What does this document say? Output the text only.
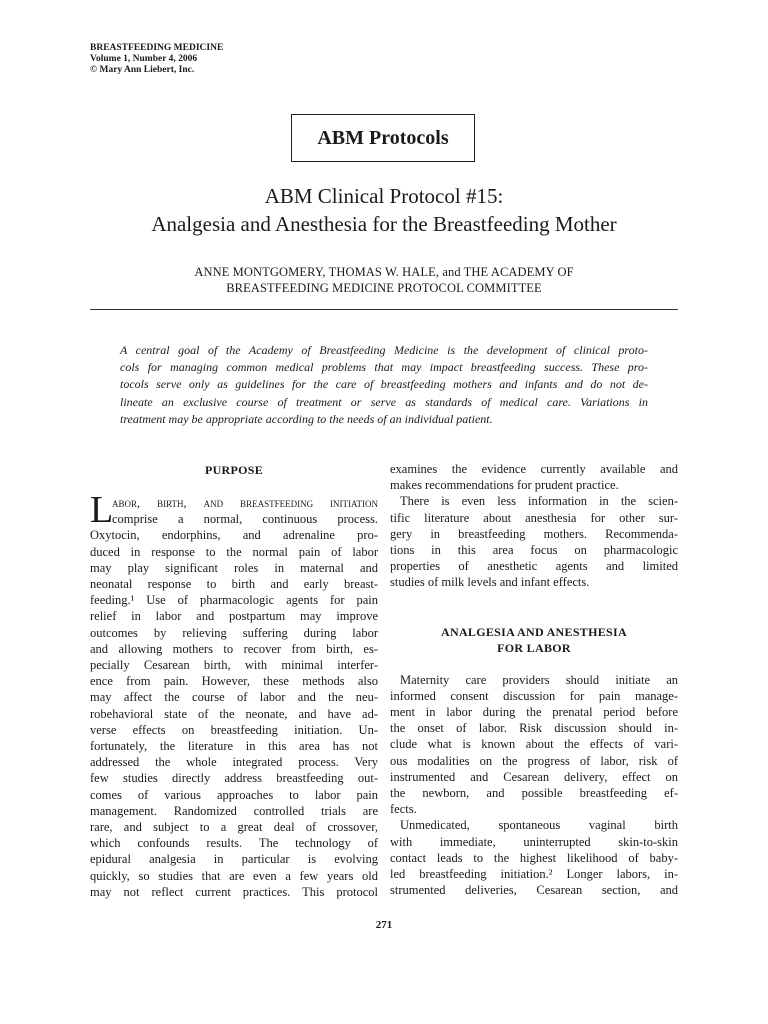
BREASTFEEDING MEDICINE
Volume 1, Number 4, 2006
© Mary Ann Liebert, Inc.
ABM Protocols
ABM Clinical Protocol #15:
Analgesia and Anesthesia for the Breastfeeding Mother
ANNE MONTGOMERY, THOMAS W. HALE, and THE ACADEMY OF
BREASTFEEDING MEDICINE PROTOCOL COMMITTEE
A central goal of the Academy of Breastfeeding Medicine is the development of clinical proto-
cols for managing common medical problems that may impact breastfeeding success. These pro-
tocols serve only as guidelines for the care of breastfeeding mothers and infants and do not de-
lineate an exclusive course of treatment or serve as standards of medical care. Variations in
treatment may be appropriate according to the needs of an individual patient.
PURPOSE
L
abor, birth, and breastfeeding initiation
comprise a normal, continuous process.
Oxytocin, endorphins, and adrenaline pro-
duced in response to the normal pain of labor
may play significant roles in maternal and
neonatal response to birth and early breast-
feeding.¹ Use of pharmacologic agents for pain
relief in labor and postpartum may improve
outcomes by relieving suffering during labor
and allowing mothers to recover from birth, es-
pecially Cesarean birth, with minimal interfer-
ence from pain. However, these methods also
may affect the course of labor and the neu-
robehavioral state of the neonate, and have ad-
verse effects on breastfeeding initiation. Un-
fortunately, the literature in this area has not
addressed the whole integrated process. Very
few studies directly address breastfeeding out-
comes of various approaches to labor pain
management. Randomized controlled trials are
rare, and subject to a great deal of crossover,
which confounds results. The technology of
epidural analgesia in particular is evolving
quickly, so studies that are even a few years old
may not reflect current practices. This protocol
examines the evidence currently available and
makes recommendations for prudent practice.
There is even less information in the scien-
tific literature about anesthesia for other sur-
gery in breastfeeding mothers. Recommenda-
tions in this area focus on pharmacologic
properties of anesthetic agents and limited
studies of milk levels and infant effects.
ANALGESIA AND ANESTHESIA
FOR LABOR
Maternity care providers should initiate an
informed consent discussion for pain manage-
ment in labor during the prenatal period before
the onset of labor. Risk discussion should in-
clude what is known about the effects of vari-
ous modalities on the progress of labor, risk of
instrumented and Cesarean delivery, effect on
the newborn, and possible breastfeeding ef-
fects.
Unmedicated, spontaneous vaginal birth
with immediate, uninterrupted skin-to-skin
contact leads to the highest likelihood of baby-
led breastfeeding initiation.² Longer labors, in-
strumented deliveries, Cesarean section, and
271
